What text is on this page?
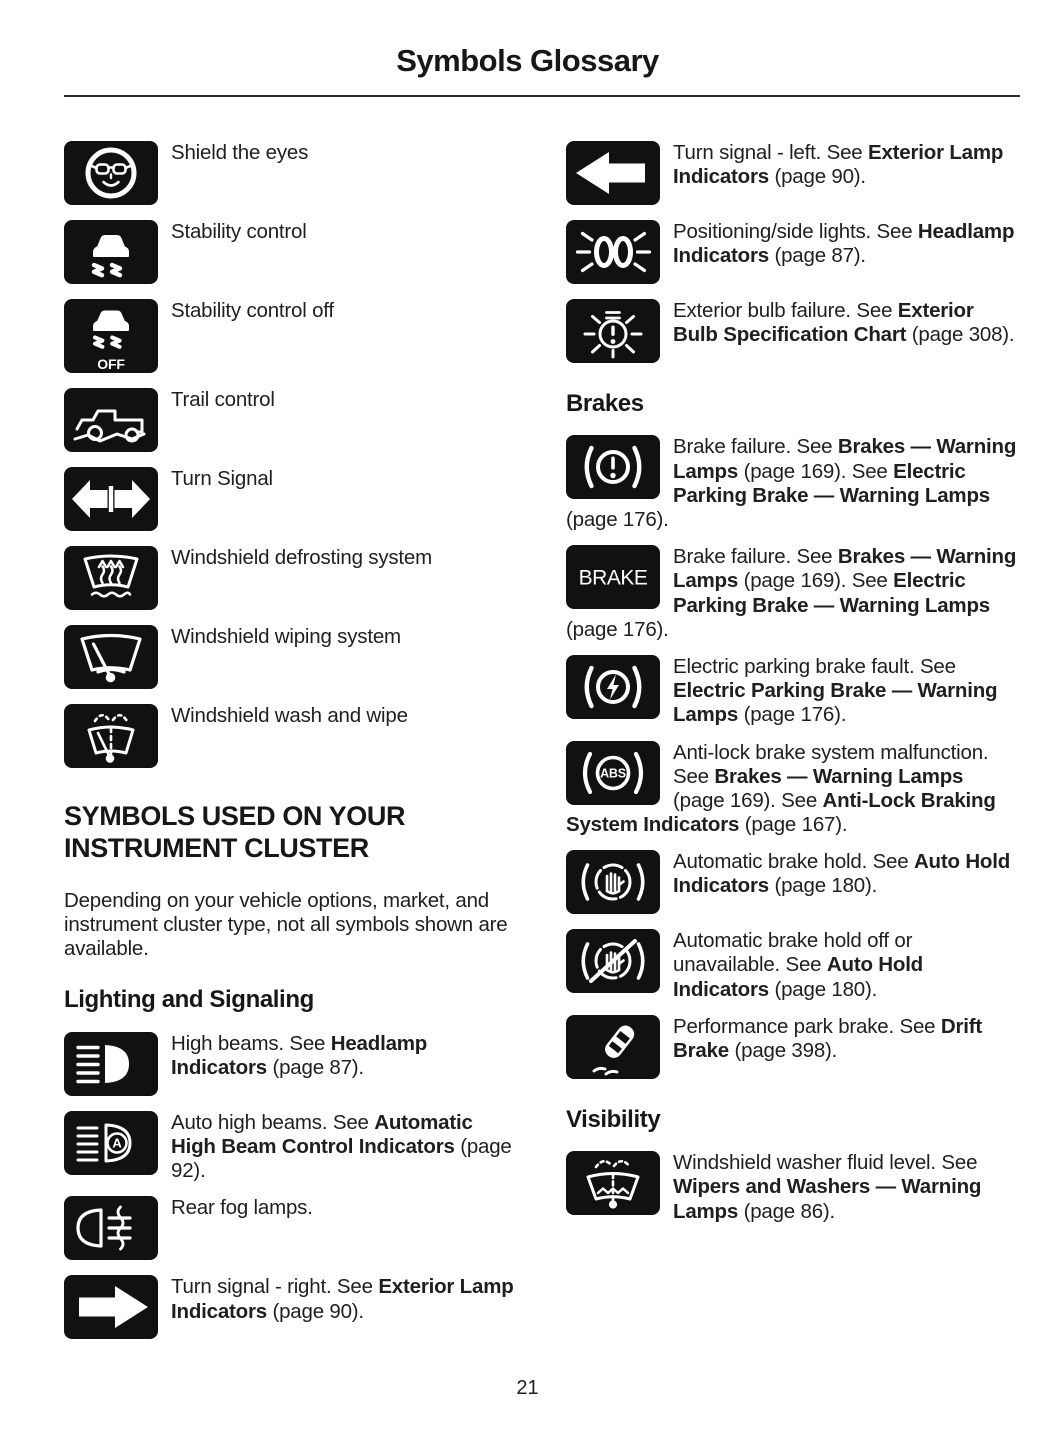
Symbols Glossary
Shield the eyes
Stability control
OFF
Stability control off
Trail control
Turn Signal
Windshield defrosting system
Windshield wiping system
Windshield wash and wipe
SYMBOLS USED ON YOUR INSTRUMENT CLUSTER

Depending on your vehicle options, market, and instrument cluster type, not all symbols shown are available.

Lighting and Signaling
High beams. See Headlamp Indicators (page 87).
A
Auto high beams. See Automatic High Beam Control Indicators (page 92).
Rear fog lamps.
Turn signal - right. See Exterior Lamp Indicators (page 90).
Turn signal - left. See Exterior Lamp Indicators (page 90).
Positioning/side lights. See Headlamp Indicators (page 87).
Exterior bulb failure. See Exterior Bulb Specification Chart (page 308).
Brakes
Brake failure. See Brakes — Warning Lamps (page 169). See Electric Parking Brake — Warning Lamps (page 176).
BRAKE
Brake failure. See Brakes — Warning Lamps (page 169). See Electric Parking Brake — Warning Lamps (page 176).
Electric parking brake fault. See Electric Parking Brake — Warning Lamps (page 176).
ABS
Anti-lock brake system malfunction. See Brakes — Warning Lamps (page 169). See Anti-Lock Braking System Indicators (page 167).
Automatic brake hold. See Auto Hold Indicators (page 180).
Automatic brake hold off or unavailable. See Auto Hold Indicators (page 180).
Performance park brake. See Drift Brake (page 398).
Visibility
Windshield washer fluid level. See Wipers and Washers — Warning Lamps (page 86).
21
